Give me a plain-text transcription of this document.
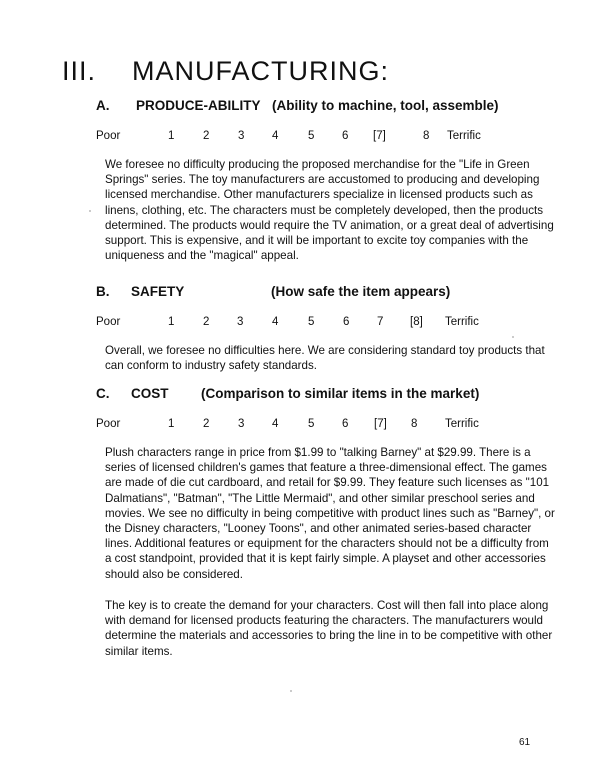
III. MANUFACTURING:
A. PRODUCE-ABILITY (Ability to machine, tool, assemble)
Poor	1 2 3 4	5 6 [7]	8 Terrific

We foresee no difficulty producing the proposed merchandise for the "Life in Green Springs" series. The toy manufacturers are accustomed to producing and developing licensed merchandise. Other manufacturers specialize in licensed products such as linens, clothing, etc. The characters must be completely developed, then the products determined. The products would require the TV animation, or a great deal of advertising support. This is expensive, and it will be important to excite toy companies with the uniqueness and the "magical" appeal.

B. SAFETY	(How safe the item appears)
Poor	1 2 3 4	5 6 7 [8] Terrific

Overall, we foresee no difficulties here. We are considering standard toy products that can conform to industry safety standards.

C. COST (Comparison to similar items in the market)
Poor	1 2 3 4	5 6 [7] 8 Terrific

Plush characters range in price from $1.99 to "talking Barney" at $29.99. There is a series of licensed children's games that feature a three-dimensional effect. The games are made of die cut cardboard, and retail for $9.99. They feature such licenses as "101 Dalmatians", "Batman", "The Little Mermaid", and other similar preschool series and movies. We see no difficulty in being competitive with product lines such as "Barney", or the Disney characters, "Looney Toons", and other animated series-based character lines. Additional features or equipment for the characters should not be a difficulty from a cost standpoint, provided that it is kept fairly simple. A playset and other accessories should also be considered.

The key is to create the demand for your characters. Cost will then fall into place along with demand for licensed products featuring the characters. The manufacturers would determine the materials and accessories to bring the line in to be competitive with other similar items.

61
